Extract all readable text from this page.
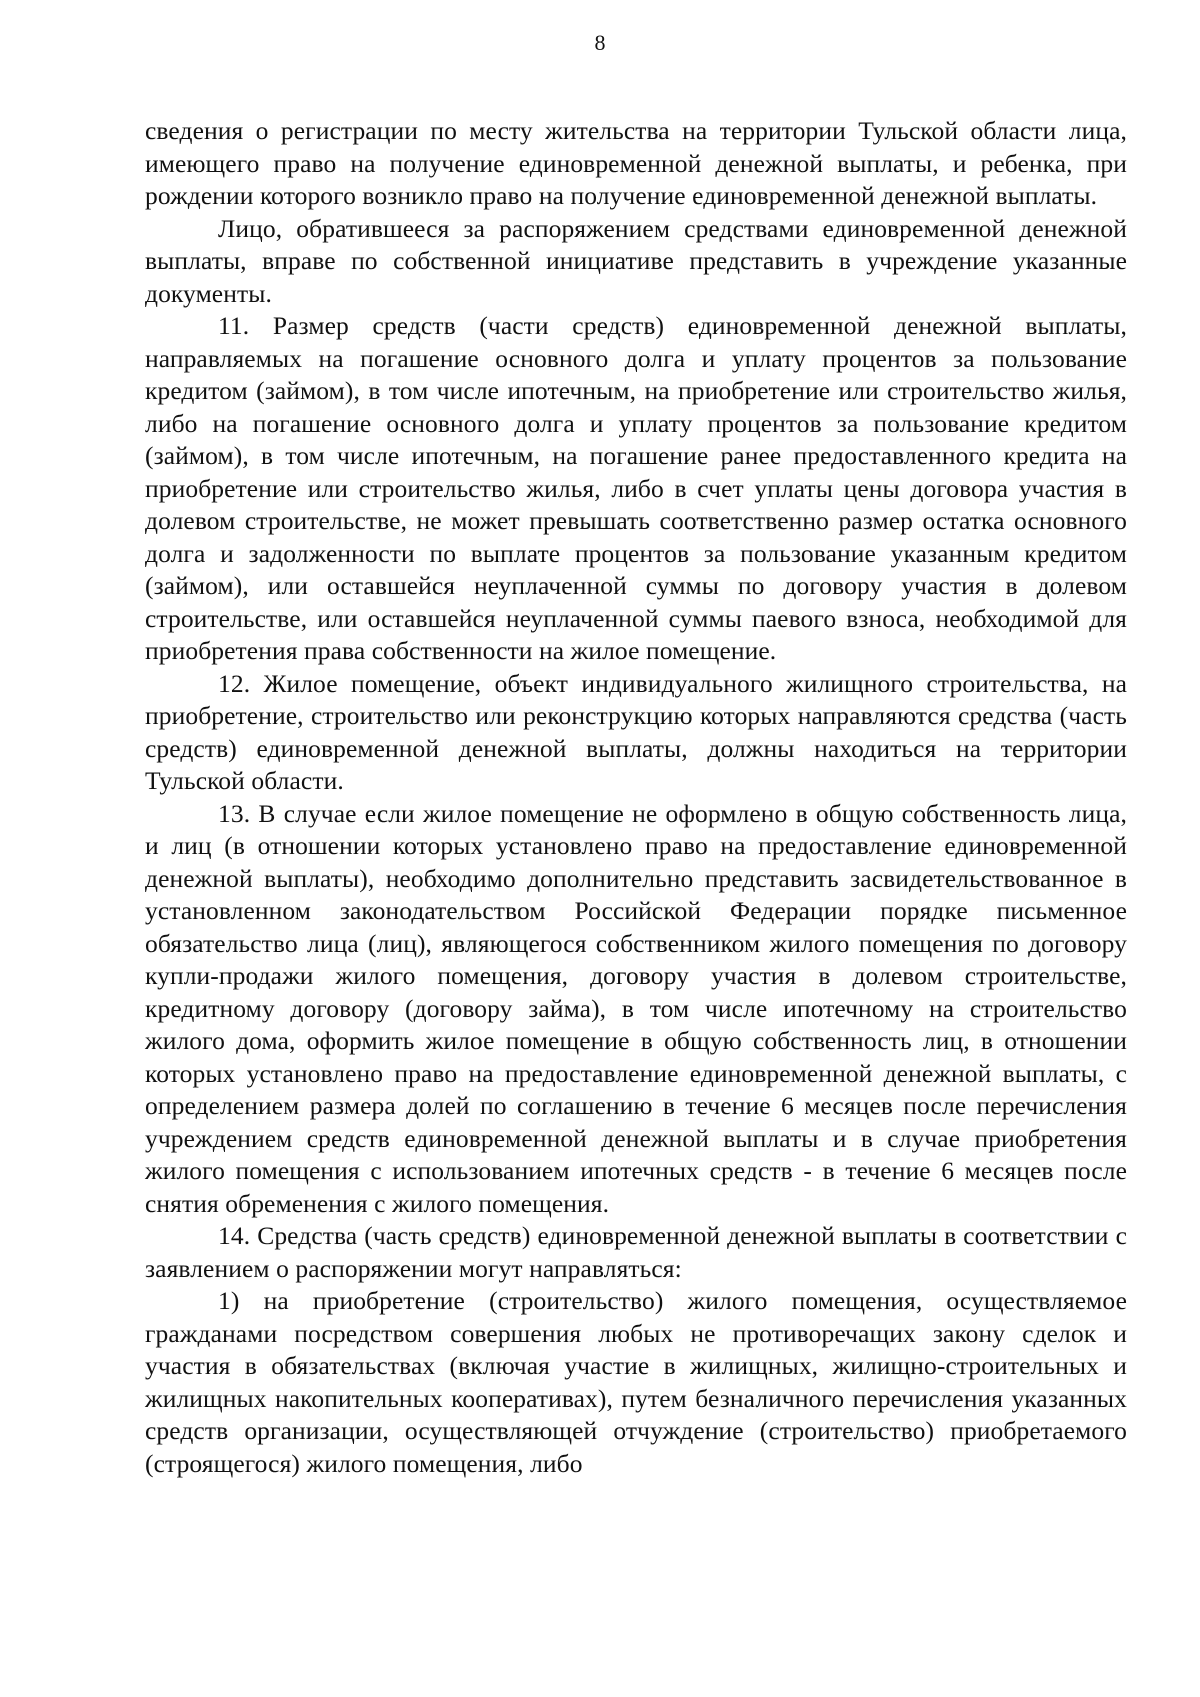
8

сведения о регистрации по месту жительства на территории Тульской области лица, имеющего право на получение единовременной денежной выплаты, и ребенка, при рождении которого возникло право на получение единовременной денежной выплаты.

Лицо, обратившееся за распоряжением средствами единовременной денежной выплаты, вправе по собственной инициативе представить в учреждение указанные документы.

11. Размер средств (части средств) единовременной денежной выплаты, направляемых на погашение основного долга и уплату процентов за пользование кредитом (займом), в том числе ипотечным, на приобретение или строительство жилья, либо на погашение основного долга и уплату процентов за пользование кредитом (займом), в том числе ипотечным, на погашение ранее предоставленного кредита на приобретение или строительство жилья, либо в счет уплаты цены договора участия в долевом строительстве, не может превышать соответственно размер остатка основного долга и задолженности по выплате процентов за пользование указанным кредитом (займом), или оставшейся неуплаченной суммы по договору участия в долевом строительстве, или оставшейся неуплаченной суммы паевого взноса, необходимой для приобретения права собственности на жилое помещение.

12. Жилое помещение, объект индивидуального жилищного строительства, на приобретение, строительство или реконструкцию которых направляются средства (часть средств) единовременной денежной выплаты, должны находиться на территории Тульской области.

13. В случае если жилое помещение не оформлено в общую собственность лица, и лиц (в отношении которых установлено право на предоставление единовременной денежной выплаты), необходимо дополнительно представить засвидетельствованное в установленном законодательством Российской Федерации порядке письменное обязательство лица (лиц), являющегося собственником жилого помещения по договору купли-продажи жилого помещения, договору участия в долевом строительстве, кредитному договору (договору займа), в том числе ипотечному на строительство жилого дома, оформить жилое помещение в общую собственность лиц, в отношении которых установлено право на предоставление единовременной денежной выплаты, с определением размера долей по соглашению в течение 6 месяцев после перечисления учреждением средств единовременной денежной выплаты и в случае приобретения жилого помещения с использованием ипотечных средств - в течение 6 месяцев после снятия обременения с жилого помещения.

14. Средства (часть средств) единовременной денежной выплаты в соответствии с заявлением о распоряжении могут направляться:

1) на приобретение (строительство) жилого помещения, осуществляемое гражданами посредством совершения любых не противоречащих закону сделок и участия в обязательствах (включая участие в жилищных, жилищно-строительных и жилищных накопительных кооперативах), путем безналичного перечисления указанных средств организации, осуществляющей отчуждение (строительство) приобретаемого (строящегося) жилого помещения, либо
